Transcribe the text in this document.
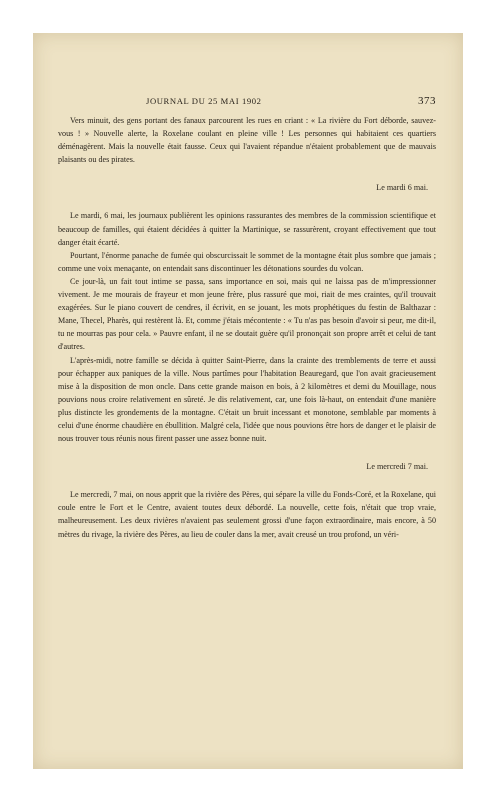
JOURNAL DU 25 MAI 1902	373

Vers minuit, des gens portant des fanaux parcourent les rues en criant : « La rivière du Fort déborde, sauvez-vous ! » Nouvelle alerte, la Roxelane coulant en pleine ville ! Les personnes qui habitaient ces quartiers déménagèrent. Mais la nouvelle était fausse. Ceux qui l'avaient répandue n'étaient probablement que de mauvais plaisants ou des pirates.

Le mardi 6 mai.

Le mardi, 6 mai, les journaux publièrent les opinions rassurantes des membres de la commission scientifique et beaucoup de familles, qui étaient décidées à quitter la Martinique, se rassurèrent, croyant effectivement que tout danger était écarté.

Pourtant, l'énorme panache de fumée qui obscurcissait le sommet de la montagne était plus sombre que jamais ; comme une voix menaçante, on entendait sans discontinuer les détonations sourdes du volcan.

Ce jour-là, un fait tout intime se passa, sans importance en soi, mais qui ne laissa pas de m'impressionner vivement. Je me mourais de frayeur et mon jeune frère, plus rassuré que moi, riait de mes craintes, qu'il trouvait exagérées. Sur le piano couvert de cendres, il écrivit, en se jouant, les mots prophétiques du festin de Balthazar : Mane, Thecel, Pharès, qui restèrent là. Et, comme j'étais mécontente : « Tu n'as pas besoin d'avoir si peur, me dit-il, tu ne mourras pas pour cela. » Pauvre enfant, il ne se doutait guère qu'il prononçait son propre arrêt et celui de tant d'autres.

L'après-midi, notre famille se décida à quitter Saint-Pierre, dans la crainte des tremblements de terre et aussi pour échapper aux paniques de la ville. Nous partîmes pour l'habitation Beauregard, que l'on avait gracieusement mise à la disposition de mon oncle. Dans cette grande maison en bois, à 2 kilomètres et demi du Mouillage, nous pouvions nous croire relativement en sûreté. Je dis relativement, car, une fois là-haut, on entendait d'une manière plus distincte les grondements de la montagne. C'était un bruit incessant et monotone, semblable par moments à celui d'une énorme chaudière en ébullition. Malgré cela, l'idée que nous pouvions être hors de danger et le plaisir de nous trouver tous réunis nous firent passer une assez bonne nuit.

Le mercredi 7 mai.

Le mercredi, 7 mai, on nous apprit que la rivière des Pères, qui sépare la ville du Fonds-Coré, et la Roxelane, qui coule entre le Fort et le Centre, avaient toutes deux débordé. La nouvelle, cette fois, n'était que trop vraie, malheureusement. Les deux rivières n'avaient pas seulement grossi d'une façon extraordinaire, mais encore, à 50 mètres du rivage, la rivière des Pères, au lieu de couler dans la mer, avait creusé un trou profond, un véri-
